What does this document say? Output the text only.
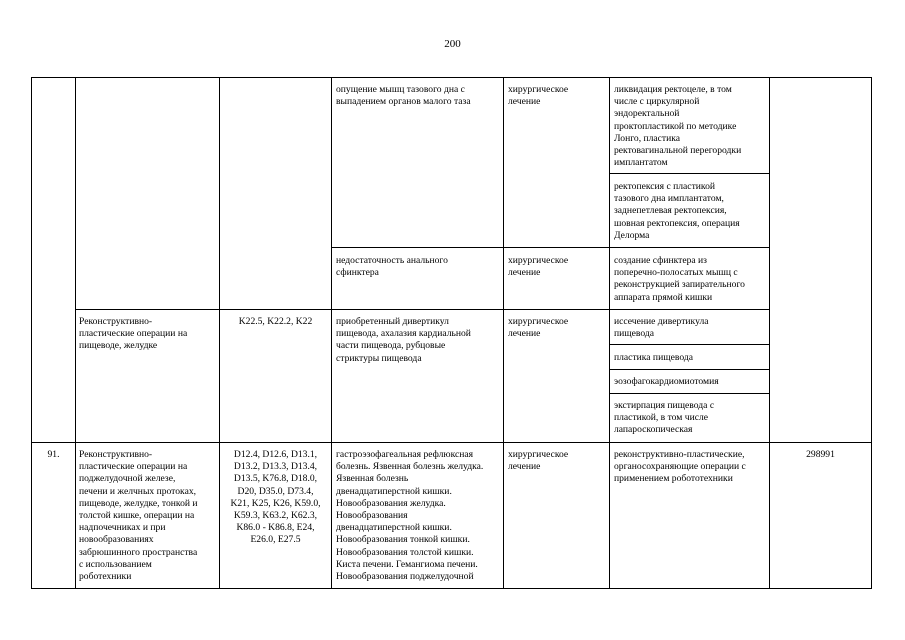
200
опущение мышц тазового дна с
выпадением органов малого таза
хирургическое
лечение
ликвидация ректоцеле, в том
числе с циркулярной
эндоректальной
проктопластикой по методике
Лонго, пластика
ректовагинальной перегородки
имплантатом
ректопексия с пластикой
тазового дна имплантатом,
заднепетлевая ректопексия,
шовная ректопексия, операция
Делорма
недостаточность анального
сфинктера
хирургическое
лечение
создание сфинктера из
поперечно-полосатых мышц с
реконструкцией запирательного
аппарата прямой кишки
Реконструктивно-
пластические операции на
пищеводе, желудке
K22.5, K22.2, K22	приобретенный дивертикул
пищевода, ахалазия кардиальной
части пищевода, рубцовые
стриктуры пищевода
хирургическое
лечение
иссечение дивертикула
пищевода
пластика пищевода
эозофагокардиомиотомия
экстирпация пищевода с
пластикой, в том числе
лапароскопическая
91.	Реконструктивно-
пластические операции на
поджелудочной железе,
печени и желчных протоках,
пищеводе, желудке, тонкой и
толстой кишке, операции на
надпочечниках и при
новообразованиях
забрюшинного пространства
с использованием
роботехники
D12.4, D12.6, D13.1,
D13.2, D13.3, D13.4,
D13.5, K76.8, D18.0,
D20, D35.0, D73.4,
K21, K25, K26, K59.0,
K59.3, K63.2, K62.3,
K86.0 - K86.8, E24,
E26.0, E27.5
гастроэзофагеальная рефлюксная
болезнь. Язвенная болезнь желудка.
Язвенная болезнь
двенадцатиперстной кишки.
Новообразования желудка.
Новообразования
двенадцатиперстной кишки.
Новообразования тонкой кишки.
Новообразования толстой кишки.
Киста печени. Гемангиома печени.
Новообразования поджелудочной
хирургическое
лечение
реконструктивно-пластические,
органосохраняющие операции с
применением робототехники
298991
